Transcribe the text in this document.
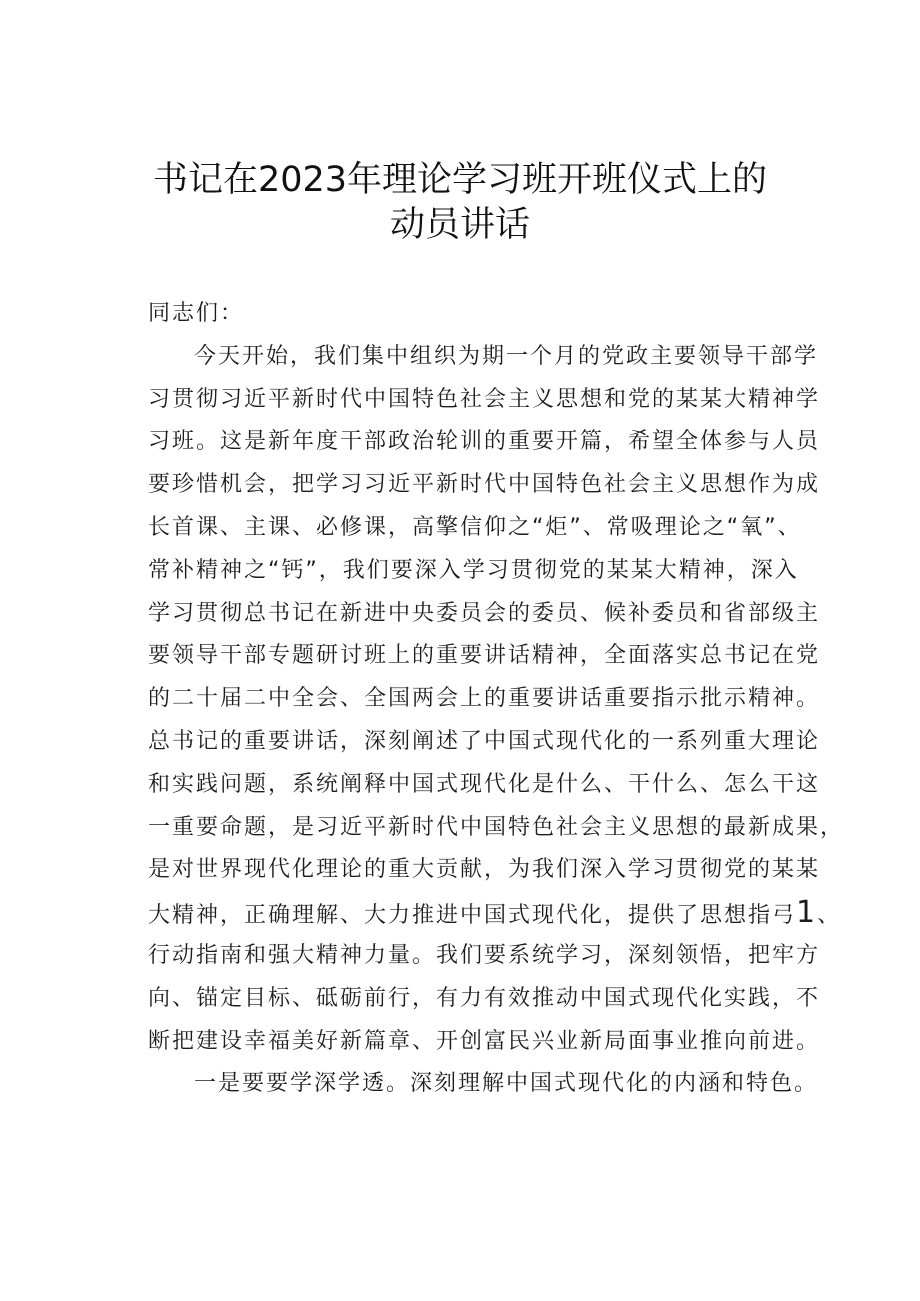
书记在2023年理论学习班开班仪式上的
动员讲话
同志们：
今天开始，我们集中组织为期一个月的党政主要领导干部学
习贯彻习近平新时代中国特色社会主义思想和党的某某大精神学
习班。这是新年度干部政治轮训的重要开篇，希望全体参与人员
要珍惜机会，把学习习近平新时代中国特色社会主义思想作为成
长首课、主课、必修课，高擎信仰之“炬”、常吸理论之“氧”、
常补精神之“钙”，我们要深入学习贯彻党的某某大精神，深入
学习贯彻总书记在新进中央委员会的委员、候补委员和省部级主
要领导干部专题研讨班上的重要讲话精神，全面落实总书记在党
的二十届二中全会、全国两会上的重要讲话重要指示批示精神。
总书记的重要讲话，深刻阐述了中国式现代化的一系列重大理论
和实践问题，系统阐释中国式现代化是什么、干什么、怎么干这
一重要命题，是习近平新时代中国特色社会主义思想的最新成果，
是对世界现代化理论的重大贡献，为我们深入学习贯彻党的某某
大精神，正确理解、大力推进中国式现代化，提供了思想指弓1、
行动指南和强大精神力量。我们要系统学习，深刻领悟，把牢方
向、锚定目标、砥砺前行，有力有效推动中国式现代化实践，不
断把建设幸福美好新篇章、开创富民兴业新局面事业推向前进。
一是要要学深学透。深刻理解中国式现代化的内涵和特色。
